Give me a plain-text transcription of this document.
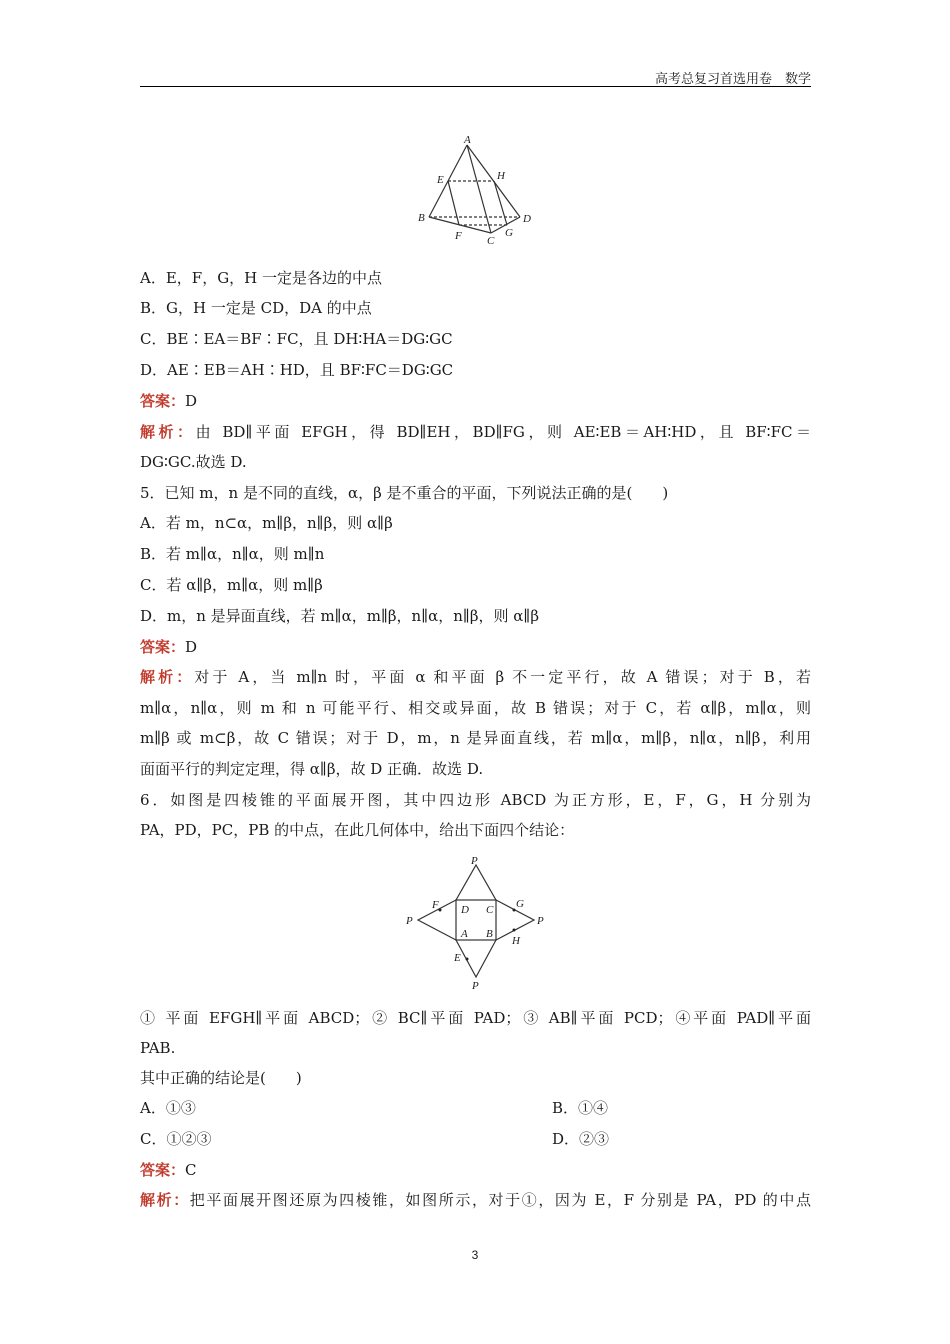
高考总复习首选用卷　数学
A
E	H
B	D
F C
G
A．E，F，G，H 一定是各边的中点
B．G，H 一定是 CD，DA 的中点
C．BE∶EA＝BF∶FC，且 DH∶HA＝DG∶GC
D．AE∶EB＝AH∶HD，且 BF∶FC＝DG∶GC
答案：D
解析：由 BD∥平面 EFGH，得 BD∥EH，BD∥FG，则 AE∶EB＝AH∶HD，且 BF∶FC＝
DG∶GC.故选 D.
5．已知 m，n 是不同的直线，α，β 是不重合的平面，下列说法正确的是(　　)
A．若 m，n⊂α，m∥β，n∥β，则 α∥β
B．若 m∥α，n∥α，则 m∥n
C．若 α∥β，m∥α，则 m∥β
D．m，n 是异面直线，若 m∥α，m∥β，n∥α，n∥β，则 α∥β
答案：D
解析：对于 A，当 m∥n 时，平面 α 和平面 β 不一定平行，故 A 错误；对于 B，若
m∥α，n∥α，则 m 和 n 可能平行、相交或异面，故 B 错误；对于 C，若 α∥β，m∥α，则
m∥β 或 m⊂β，故 C 错误；对于 D，m，n 是异面直线，若 m∥α，m∥β，n∥α，n∥β，利用
面面平行的判定定理，得 α∥β，故 D 正确．故选 D.
6．如图是四棱锥的平面展开图，其中四边形 ABCD 为正方形，E，F，G，H 分别为
PA，PD，PC，PB 的中点，在此几何体中，给出下面四个结论：
P
F D C G
P	P
A B
H
E
P
① 平面 EFGH∥平面 ABCD；② BC∥平面 PAD；③ AB∥平面 PCD；④平面 PAD∥平面
PAB.
其中正确的结论是(　　)
A．①③	B．①④
C．①②③	D．②③
答案：C
解析：把平面展开图还原为四棱锥，如图所示，对于①，因为 E，F 分别是 PA，PD 的中点
3
